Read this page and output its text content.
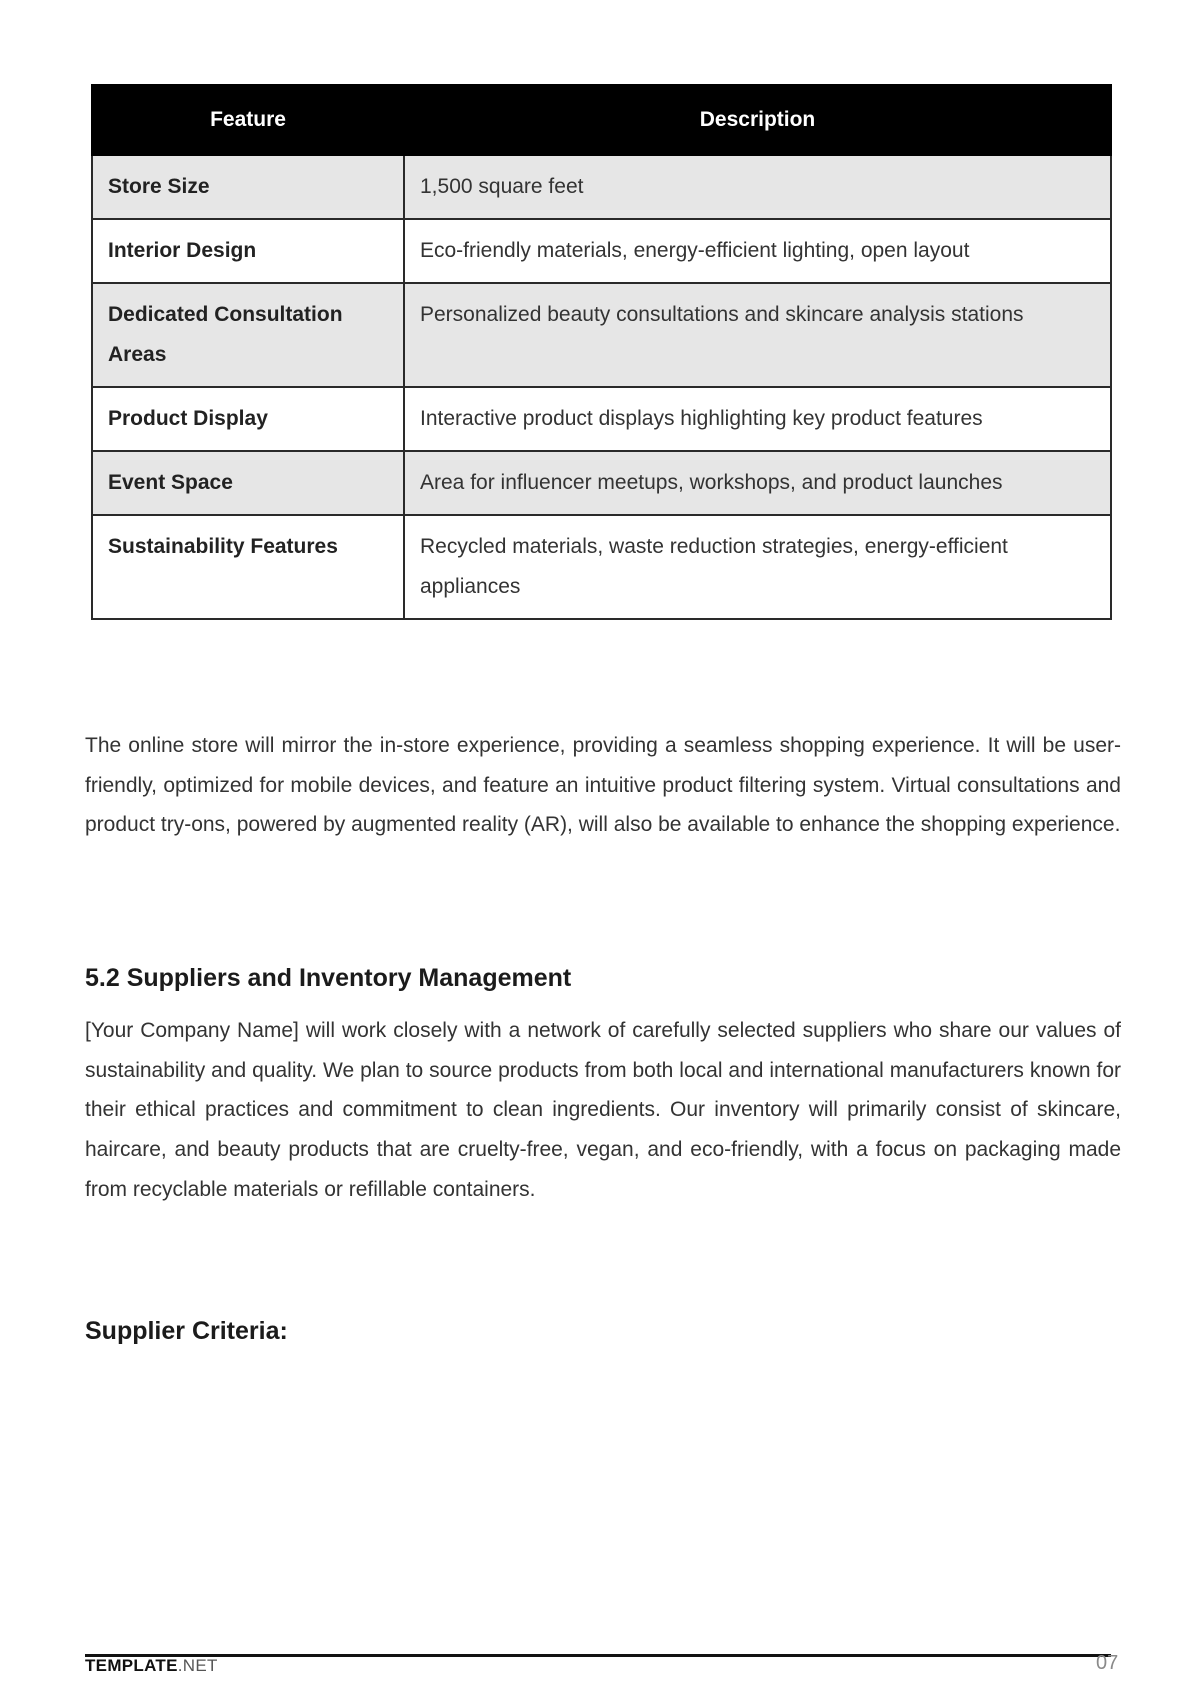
Feature	Description

Store Size	1,500 square feet

Interior Design	Eco-friendly materials, energy-efficient lighting, open layout

Dedicated Consultation Areas	Personalized beauty consultations and skincare analysis stations

Product Display	Interactive product displays highlighting key product features

Event Space	Area for influencer meetups, workshops, and product launches

Sustainability Features	Recycled materials, waste reduction strategies, energy-efficient appliances

The online store will mirror the in-store experience, providing a seamless shopping experience. It will be user-friendly, optimized for mobile devices, and feature an intuitive product filtering system. Virtual consultations and product try-ons, powered by augmented reality (AR), will also be available to enhance the shopping experience.

5.2 Suppliers and Inventory Management

[Your Company Name] will work closely with a network of carefully selected suppliers who share our values of sustainability and quality. We plan to source products from both local and international manufacturers known for their ethical practices and commitment to clean ingredients. Our inventory will primarily consist of skincare, haircare, and beauty products that are cruelty-free, vegan, and eco-friendly, with a focus on packaging made from recyclable materials or refillable containers.

Supplier Criteria:
TEMPLATE.NET	07
